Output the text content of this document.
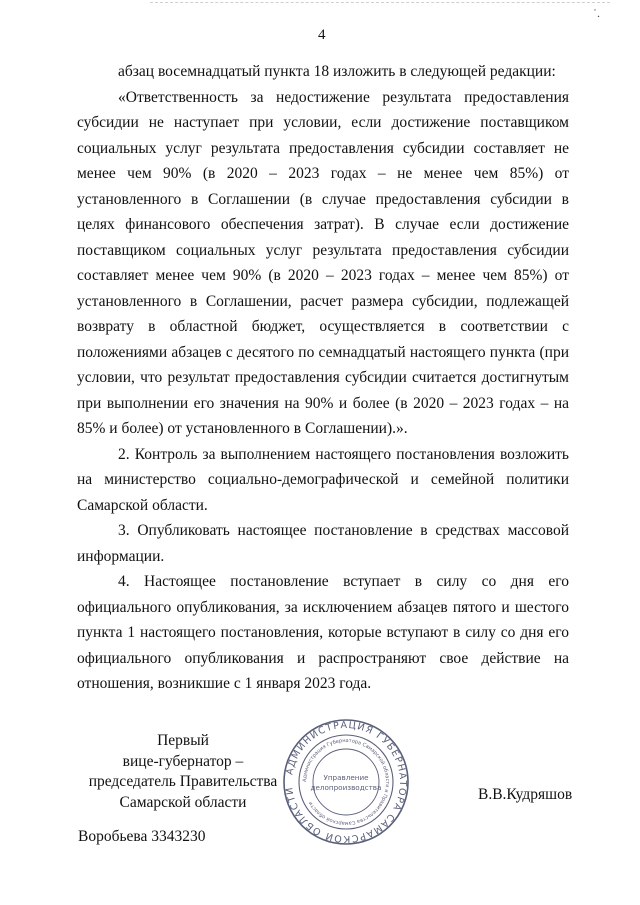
˙.
4

абзац восемнадцатый пункта 18 изложить в следующей редакции:

«Ответственность за недостижение результата предоставления субсидии не наступает при условии, если достижение поставщиком социальных услуг результата предоставления субсидии составляет не менее чем 90% (в 2020 – 2023 годах – не менее чем 85%) от установленного в Соглашении (в случае предоставления субсидии в целях финансового обеспечения затрат). В случае если достижение поставщиком социальных услуг результата предоставления субсидии составляет менее чем 90% (в 2020 – 2023 годах – менее чем 85%) от установленного в Соглашении, расчет размера субсидии, подлежащей возврату в областной бюджет, осуществляется в соответствии с положениями абзацев с десятого по семнадцатый настоящего пункта (при условии, что результат предоставления субсидии считается достигнутым при выполнении его значения на 90% и более (в 2020 – 2023 годах – на 85% и более) от установленного в Соглашении).».

2. Контроль за выполнением настоящего постановления возложить на министерство социально-демографической и семейной политики Самарской области.

3. Опубликовать настоящее постановление в средствах массовой информации.

4. Настоящее постановление вступает в силу со дня его официального опубликования, за исключением абзацев пятого и шестого пункта 1 настоящего постановления, которые вступают в силу со дня его официального опубликования и распространяют свое действие на отношения, возникшие с 1 января 2023 года.

Первый
вице-губернатор –
председатель Правительства
Самарской области
АДМИНИСТРАЦИЯ ГУБЕРНАТОРА САМАРСКОЙ ОБЛАСТИ
Администрация Губернатора Самарской области и Правительства Самарской области
Управление
делопроизводства	В.В.Кудряшов
Воробьева 3343230
